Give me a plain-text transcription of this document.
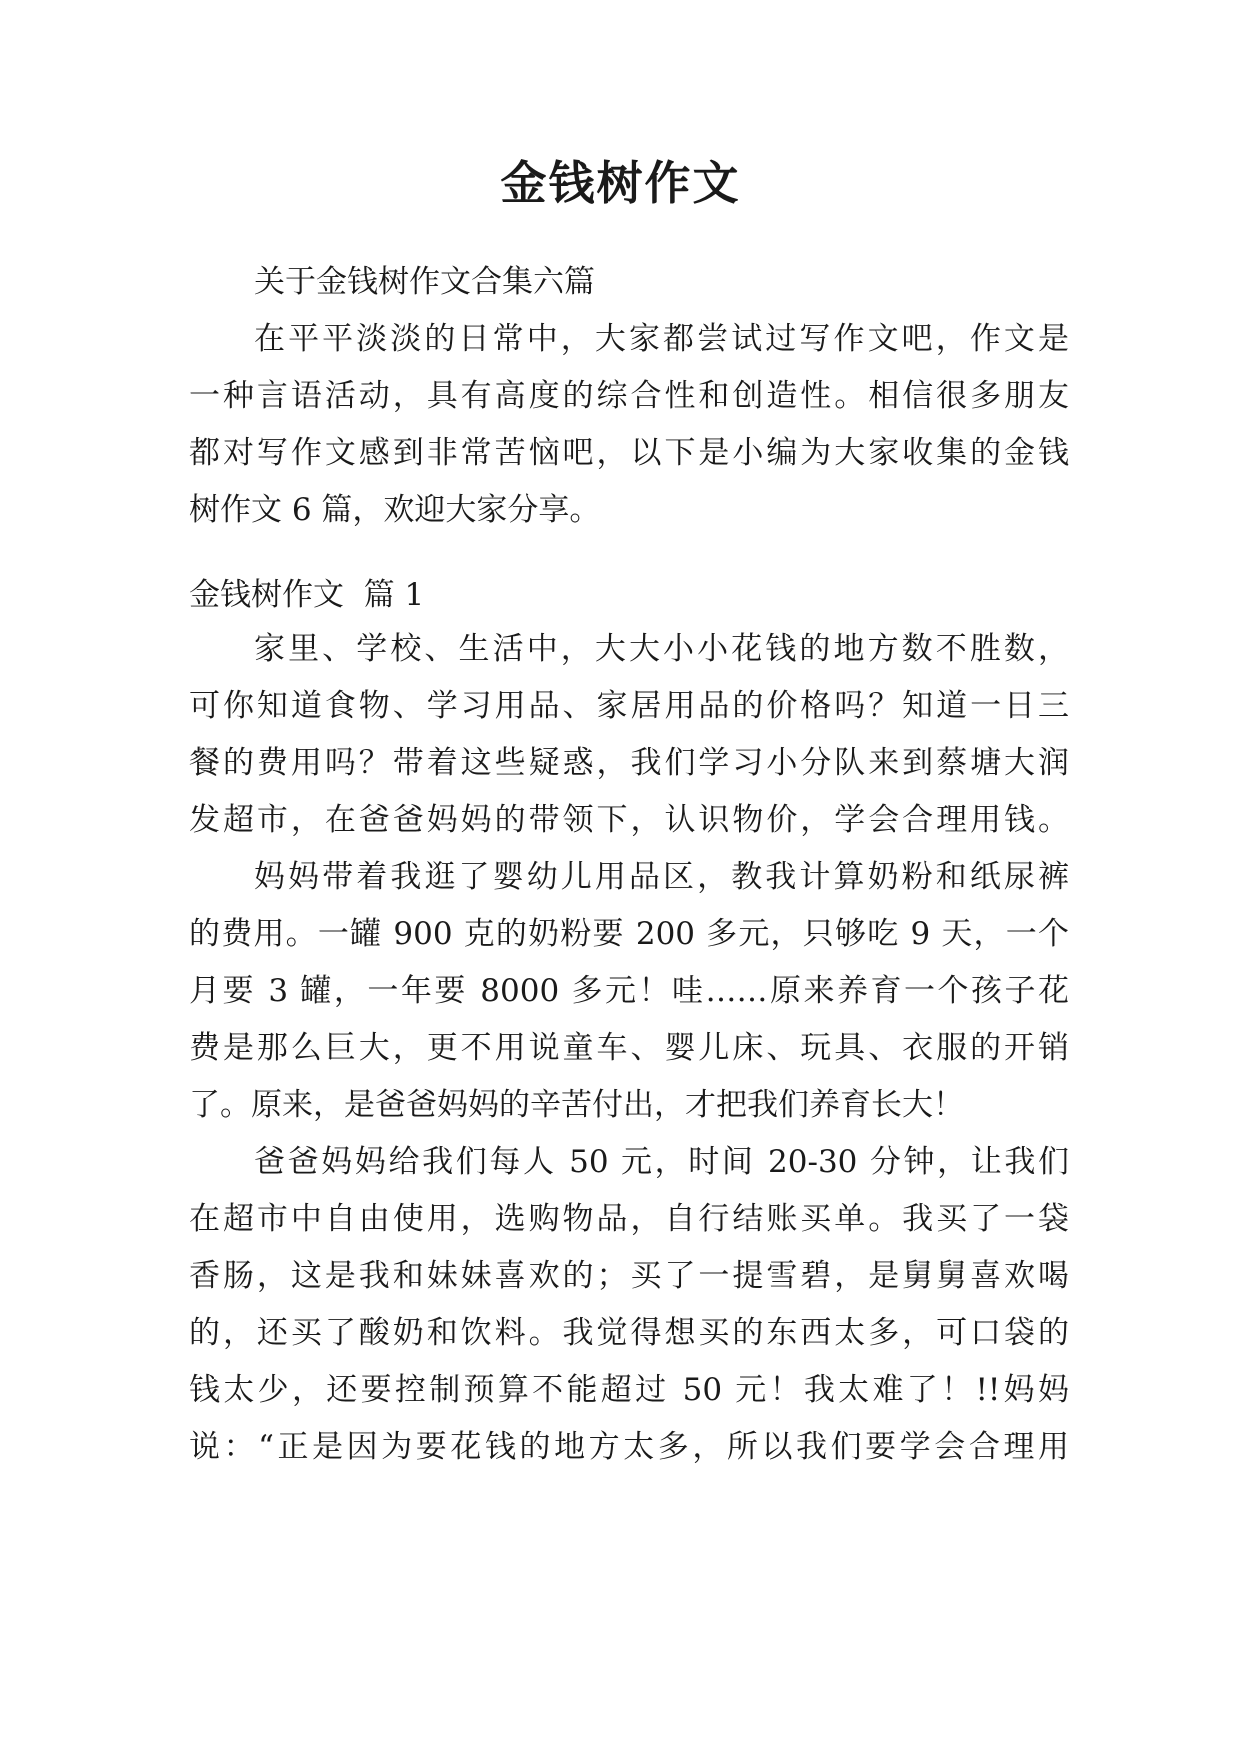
金钱树作文
关于金钱树作文合集六篇
在平平淡淡的日常中，大家都尝试过写作文吧，作文是
一种言语活动，具有高度的综合性和创造性。相信很多朋友
都对写作文感到非常苦恼吧，以下是小编为大家收集的金钱
树作文 6 篇，欢迎大家分享。
金钱树作文  篇 1
家里、学校、生活中，大大小小花钱的地方数不胜数，
可你知道食物、学习用品、家居用品的价格吗？知道一日三
餐的费用吗？带着这些疑惑，我们学习小分队来到蔡塘大润
发超市，在爸爸妈妈的带领下，认识物价，学会合理用钱。
妈妈带着我逛了婴幼儿用品区，教我计算奶粉和纸尿裤
的费用。一罐 900 克的奶粉要 200 多元，只够吃 9 天，一个
月要 3 罐，一年要 8000 多元！哇……原来养育一个孩子花
费是那么巨大，更不用说童车、婴儿床、玩具、衣服的开销
了。原来，是爸爸妈妈的辛苦付出，才把我们养育长大！
爸爸妈妈给我们每人 50 元，时间 20-30 分钟，让我们
在超市中自由使用，选购物品，自行结账买单。我买了一袋
香肠，这是我和妹妹喜欢的；买了一提雪碧，是舅舅喜欢喝
的，还买了酸奶和饮料。我觉得想买的东西太多，可口袋的
钱太少，还要控制预算不能超过 50 元！我太难了！!!妈妈
说：“正是因为要花钱的地方太多，所以我们要学会合理用
